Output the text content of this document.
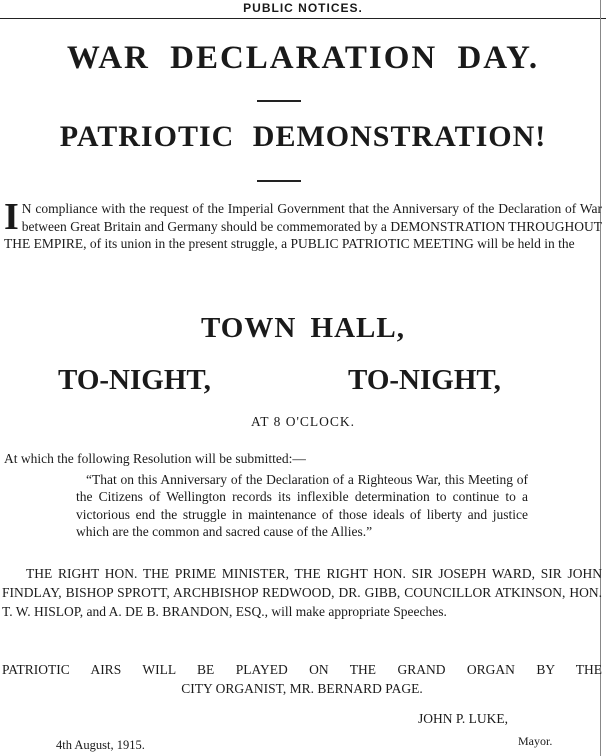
PUBLIC NOTICES.
WAR DECLARATION DAY.
PATRIOTIC DEMONSTRATION!
I N compliance with the request of the Imperial Government that the Anniversary of the Declaration of War between Great Britain and Germany should be commemorated by a DEMONSTRATION THROUGHOUT THE EMPIRE, of its union in the present struggle, a PUBLIC PATRIOTIC MEETING will be held in the
TOWN HALL,
TO-NIGHT,	TO-NIGHT,
AT 8 O'CLOCK.
At which the following Resolution will be submitted:—
“That on this Anniversary of the Declaration of a Righteous War, this Meeting of the Citizens of Wellington records its inflexible determination to continue to a victorious end the struggle in maintenance of those ideals of liberty and justice which are the common and sacred cause of the Allies.”
THE RIGHT HON. THE PRIME MINISTER, THE RIGHT HON. SIR JOSEPH WARD, SIR JOHN FINDLAY, BISHOP SPROTT, ARCHBISHOP REDWOOD, DR. GIBB, COUNCILLOR ATKINSON, HON. T. W. HISLOP, and A. DE B. BRANDON, ESQ., will make appropriate Speeches.
PATRIOTIC AIRS WILL BE PLAYED ON THE GRAND ORGAN BY THE
CITY ORGANIST, MR. BERNARD PAGE.
JOHN P. LUKE,
Mayor.
4th August, 1915.
